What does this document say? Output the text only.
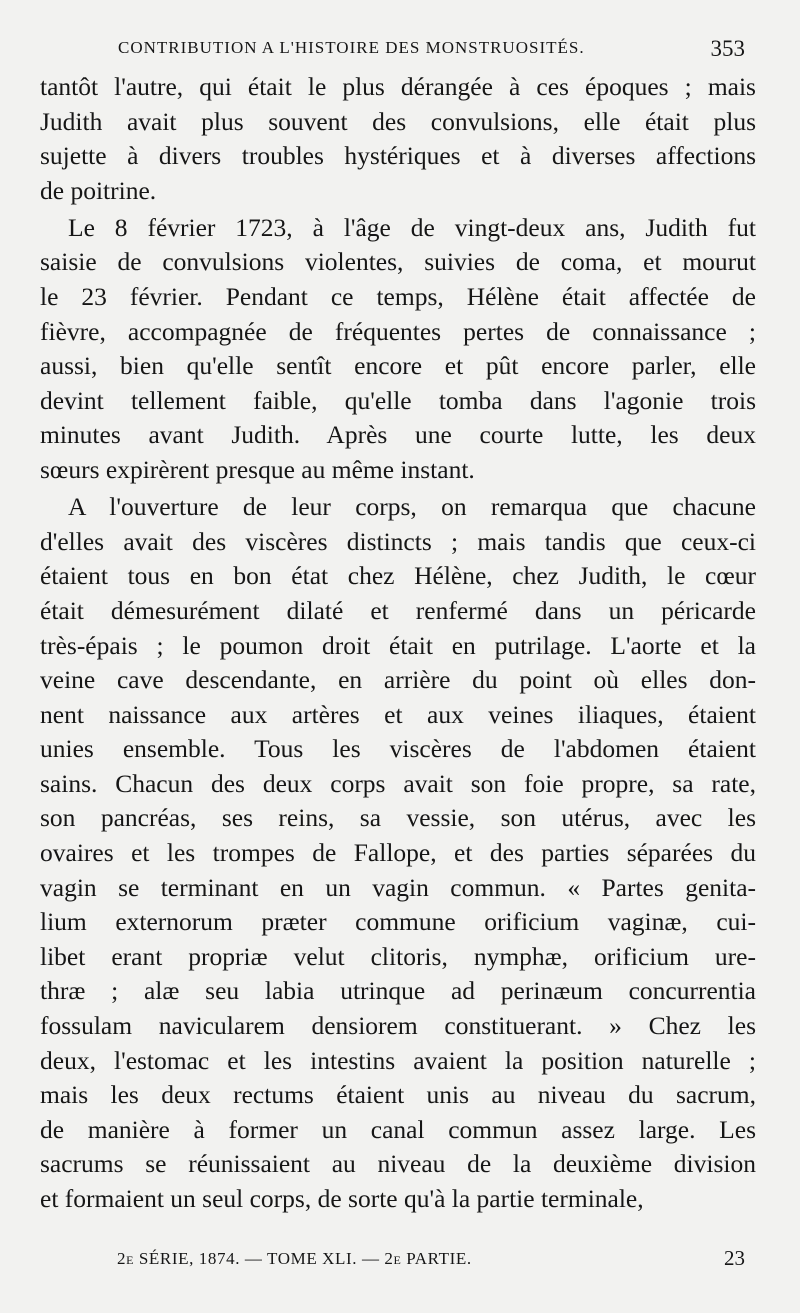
CONTRIBUTION A L'HISTOIRE DES MONSTRUOSITÉS.	353

tantôt l'autre, qui était le plus dérangée à ces époques ; mais
Judith avait plus souvent des convulsions, elle était plus
sujette à divers troubles hystériques et à diverses affections
de poitrine.

Le 8 février 1723, à l'âge de vingt-deux ans, Judith fut
saisie de convulsions violentes, suivies de coma, et mourut
le 23 février. Pendant ce temps, Hélène était affectée de
fièvre, accompagnée de fréquentes pertes de connaissance ;
aussi, bien qu'elle sentît encore et pût encore parler, elle
devint tellement faible, qu'elle tomba dans l'agonie trois
minutes avant Judith. Après une courte lutte, les deux
sœurs expirèrent presque au même instant.

A l'ouverture de leur corps, on remarqua que chacune
d'elles avait des viscères distincts ; mais tandis que ceux-ci
étaient tous en bon état chez Hélène, chez Judith, le cœur
était démesurément dilaté et renfermé dans un péricarde
très-épais ; le poumon droit était en putrilage. L'aorte et la
veine cave descendante, en arrière du point où elles don-
nent naissance aux artères et aux veines iliaques, étaient
unies ensemble. Tous les viscères de l'abdomen étaient
sains. Chacun des deux corps avait son foie propre, sa rate,
son pancréas, ses reins, sa vessie, son utérus, avec les
ovaires et les trompes de Fallope, et des parties séparées du
vagin se terminant en un vagin commun. « Partes genita-
lium externorum præter commune orificium vaginæ, cui-
libet erant propriæ velut clitoris, nymphæ, orificium ure-
thræ ; alæ seu labia utrinque ad perinæum concurrentia
fossulam navicularem densiorem constituerant. » Chez les
deux, l'estomac et les intestins avaient la position naturelle ;
mais les deux rectums étaient unis au niveau du sacrum,
de manière à former un canal commun assez large. Les
sacrums se réunissaient au niveau de la deuxième division
et formaient un seul corps, de sorte qu'à la partie terminale,

2e SÉRIE, 1874. — TOME XLI. — 2e PARTIE.	23
